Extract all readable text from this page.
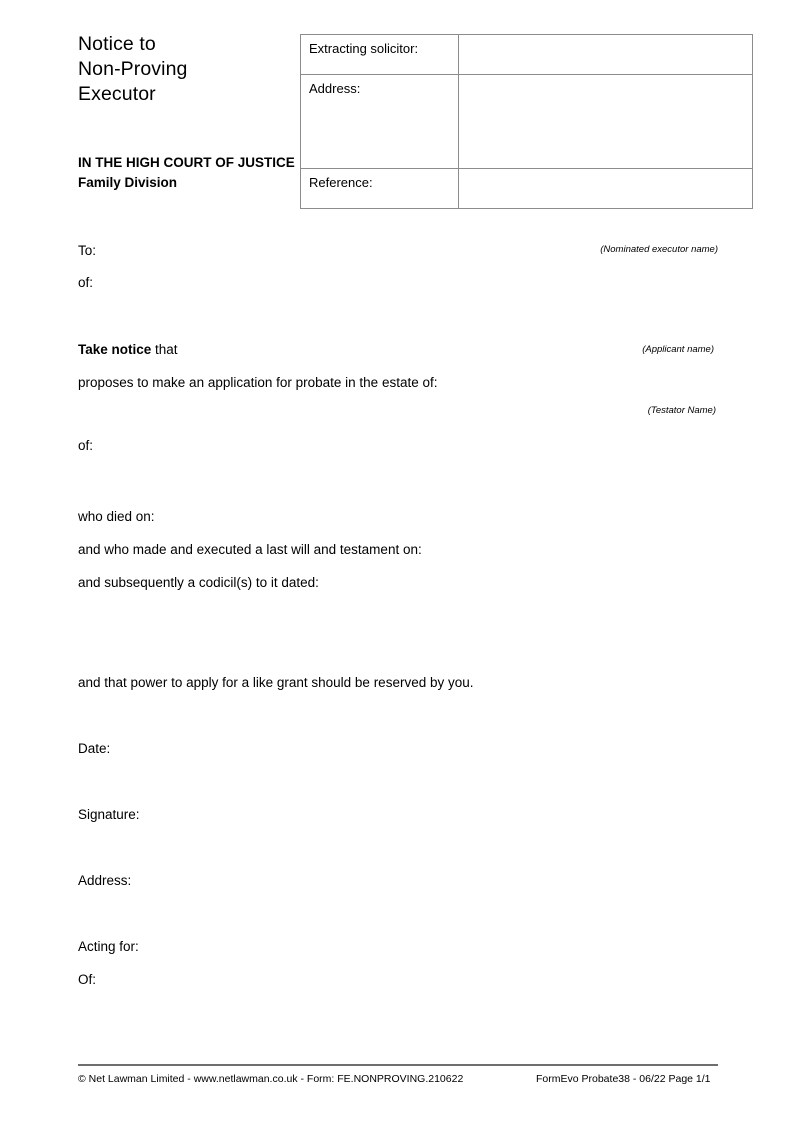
Notice to
Non-Proving
Executor
IN THE HIGH COURT OF JUSTICE
Family Division
Extracting solicitor:	
Address:	
Reference:	
To:	(Nominated executor name)
of:
Take notice that	(Applicant name)
proposes to make an application for probate in the estate of:
(Testator Name)
of:
who died on:
and who made and executed a last will and testament on:
and subsequently a codicil(s) to it dated:
and that power to apply for a like grant should be reserved by you.
Date:
Signature:
Address:
Acting for:
Of:
© Net Lawman Limited - www.netlawman.co.uk - Form: FE.NONPROVING.210622	FormEvo Probate38 - 06/22 Page 1/1
